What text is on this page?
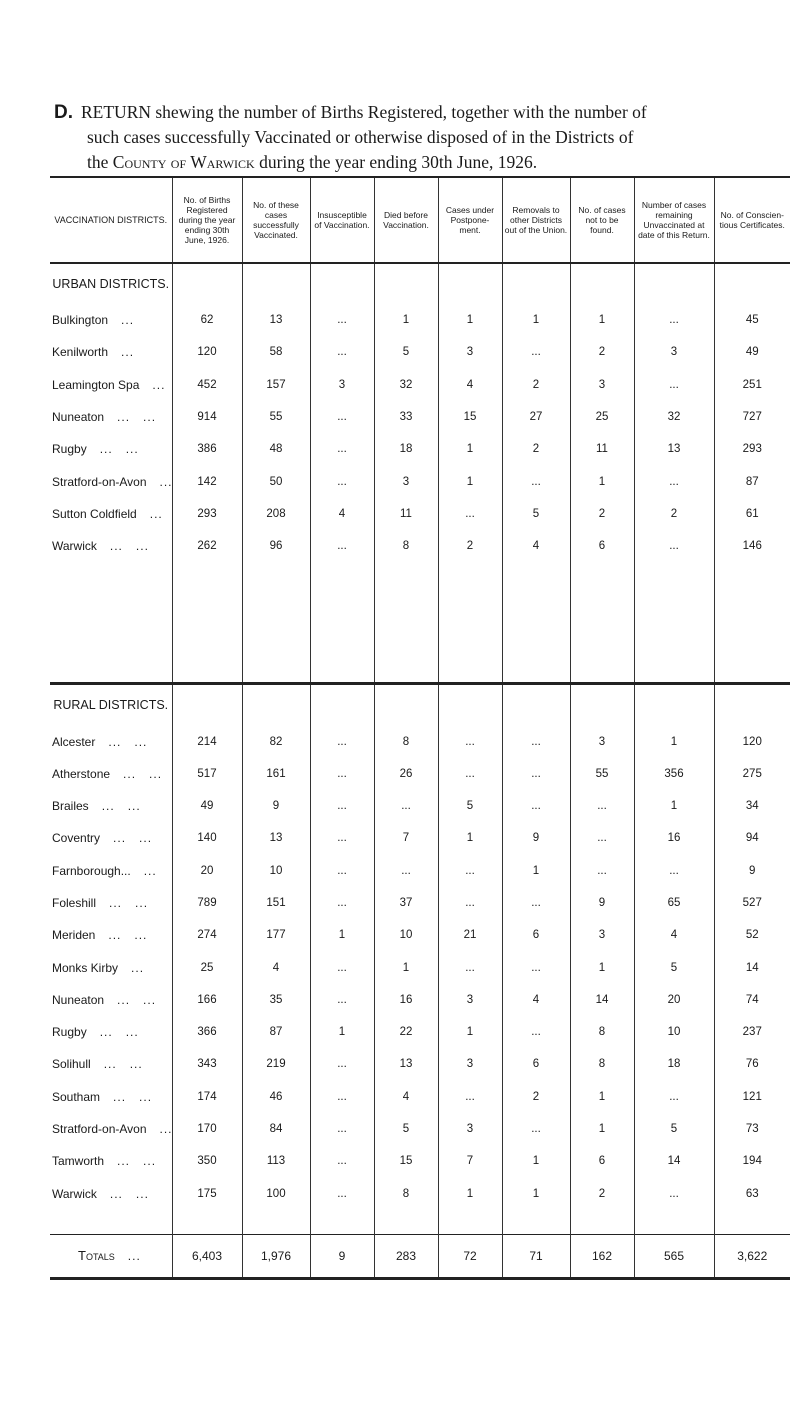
D. RETURN shewing the number of Births Registered, together with the number of
such cases successfully Vaccinated or otherwise disposed of in the Districts of
the County of Warwick during the year ending 30th June, 1926.
VACCINATION DISTRICTS.	No. of Births Registered during the year ending 30th June, 1926.	No. of these cases successfully Vaccinated.	Insusceptible of Vaccination.	Died before Vaccination.	Cases under Postpone-ment.	Removals to other Districts out of the Union.	No. of cases not to be found.	Number of cases remaining Unvaccinated at date of this Return.	No. of Conscien-tious Certificates.
URBAN DISTRICTS.									
Bulkington   ...	62	13	...	1	1	1	1	...	45
Kenilworth   ...	120	58	...	5	3	...	2	3	49
Leamington Spa   ...	452	157	3	32	4	2	3	...	251
Nuneaton   ...   ...	914	55	...	33	15	27	25	32	727
Rugby   ...   ...	386	48	...	18	1	2	11	13	293
Stratford-on-Avon   ...	142	50	...	3	1	...	1	...	87
Sutton Coldfield   ...	293	208	4	11	...	5	2	2	61
Warwick   ...   ...	262	96	...	8	2	4	6	...	146

RURAL DISTRICTS.									
Alcester   ...   ...	214	82	...	8	...	...	3	1	120
Atherstone   ...   ...	517	161	...	26	...	...	55	356	275
Brailes   ...   ...	49	9	...	...	5	...	...	1	34
Coventry   ...   ...	140	13	...	7	1	9	...	16	94
Farnborough...   ...	20	10	...	...	...	1	...	...	9
Foleshill   ...   ...	789	151	...	37	...	...	9	65	527
Meriden   ...   ...	274	177	1	10	21	6	3	4	52
Monks Kirby   ...	25	4	...	1	...	...	1	5	14
Nuneaton   ...   ...	166	35	...	16	3	4	14	20	74
Rugby   ...   ...	366	87	1	22	1	...	8	10	237
Solihull   ...   ...	343	219	...	13	3	6	8	18	76
Southam   ...   ...	174	46	...	4	...	2	1	...	121
Stratford-on-Avon   ...	170	84	...	5	3	...	1	5	73
Tamworth   ...   ...	350	113	...	15	7	1	6	14	194
Warwick   ...   ...	175	100	...	8	1	1	2	...	63

Totals   ...	6,403	1,976	9	283	72	71	162	565	3,622
